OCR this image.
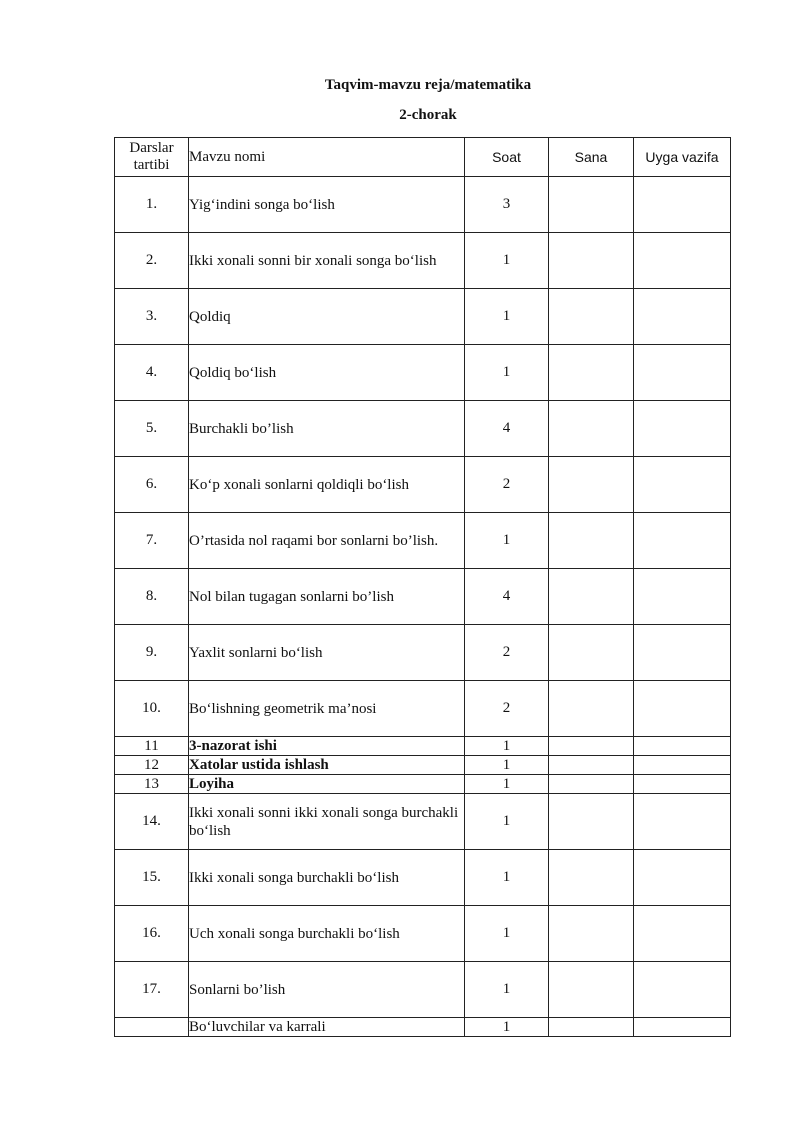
Taqvim-mavzu reja/matematika
2-chorak
Darslar tartibi	Mavzu nomi	Soat	Sana	Uyga vazifa
1.	Yig‘indini songa bo‘lish	3		
2.	Ikki xonali sonni bir xonali songa bo‘lish	1		
3.	Qoldiq	1		
4.	Qoldiq bo‘lish	1		
5.	Burchakli bo’lish	4		
6.	Ko‘p xonali sonlarni qoldiqli bo‘lish	2		
7.	O’rtasida nol raqami bor sonlarni bo’lish.	1		
8.	Nol bilan tugagan sonlarni bo’lish	4		
9.	Yaxlit sonlarni bo‘lish	2		
10.	Bo‘lishning geometrik ma’nosi	2		
11	3-nazorat ishi	1		
12	Xatolar ustida ishlash	1		
13	Loyiha	1		
14.	Ikki xonali sonni ikki xonali songa burchakli bo‘lish	1		
15.	Ikki xonali songa burchakli bo‘lish	1		
16.	Uch xonali songa burchakli bo‘lish	1		
17.	Sonlarni bo’lish	1		
	Bo‘luvchilar va karrali	1		
